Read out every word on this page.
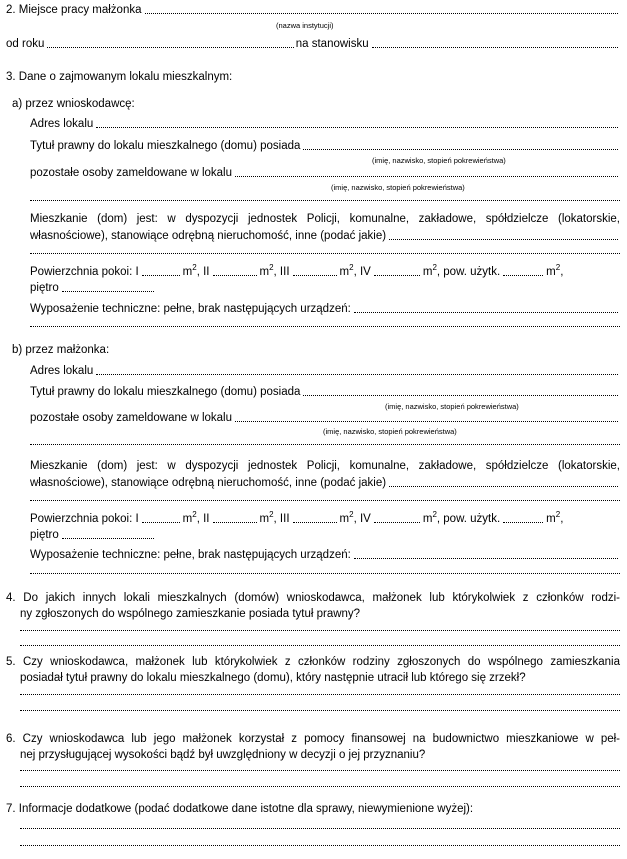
2. Miejsce pracy małżonka
(nazwa instytucji)
od roku	na stanowisku
3. Dane o zajmowanym lokalu mieszkalnym:
a) przez wnioskodawcę:
Adres lokalu
Tytuł prawny do lokalu mieszkalnego (domu) posiada
(imię, nazwisko, stopień pokrewieństwa)
pozostałe osoby zameldowane w lokalu
(imię, nazwisko, stopień pokrewieństwa)
Mieszkanie (dom) jest: w dyspozycji jednostek Policji, komunalne, zakładowe, spółdzielcze (lokatorskie,
własnościowe), stanowiące odrębną nieruchomość, inne (podać jakie)
Powierzchnia pokoi: I	$m^2$ , II	$m^2$ , III	$m^2$ , IV	$m^2$ , pow. użytk.	$m^2$,
piętro
Wyposażenie techniczne: pełne, brak następujących urządzeń:
b) przez małżonka:
Adres lokalu
Tytuł prawny do lokalu mieszkalnego (domu) posiada
(imię, nazwisko, stopień pokrewieństwa)
pozostałe osoby zameldowane w lokalu
(imię, nazwisko, stopień pokrewieństwa)
Mieszkanie (dom) jest: w dyspozycji jednostek Policji, komunalne, zakładowe, spółdzielcze (lokatorskie,
własnościowe), stanowiące odrębną nieruchomość, inne (podać jakie)
Powierzchnia pokoi: I	$m^2$ , II	$m^2$ , III	$m^2$ , IV	$m^2$ , pow. użytk.	$m^2$,
piętro
Wyposażenie techniczne: pełne, brak następujących urządzeń:
4. Do jakich innych lokali mieszkalnych (domów) wnioskodawca, małżonek lub którykolwiek z członków rodzi-
ny zgłoszonych do wspólnego zamieszkanie posiada tytuł prawny?
5. Czy wnioskodawca, małżonek lub którykolwiek z członków rodziny zgłoszonych do wspólnego zamieszkania
posiadał tytuł prawny do lokalu mieszkalnego (domu), który następnie utracił lub którego się zrzekł?
6. Czy wnioskodawca lub jego małżonek korzystał z pomocy finansowej na budownictwo mieszkaniowe w peł-
nej przysługującej wysokości bądź był uwzględniony w decyzji o jej przyznaniu?
7. Informacje dodatkowe (podać dodatkowe dane istotne dla sprawy, niewymienione wyżej):
